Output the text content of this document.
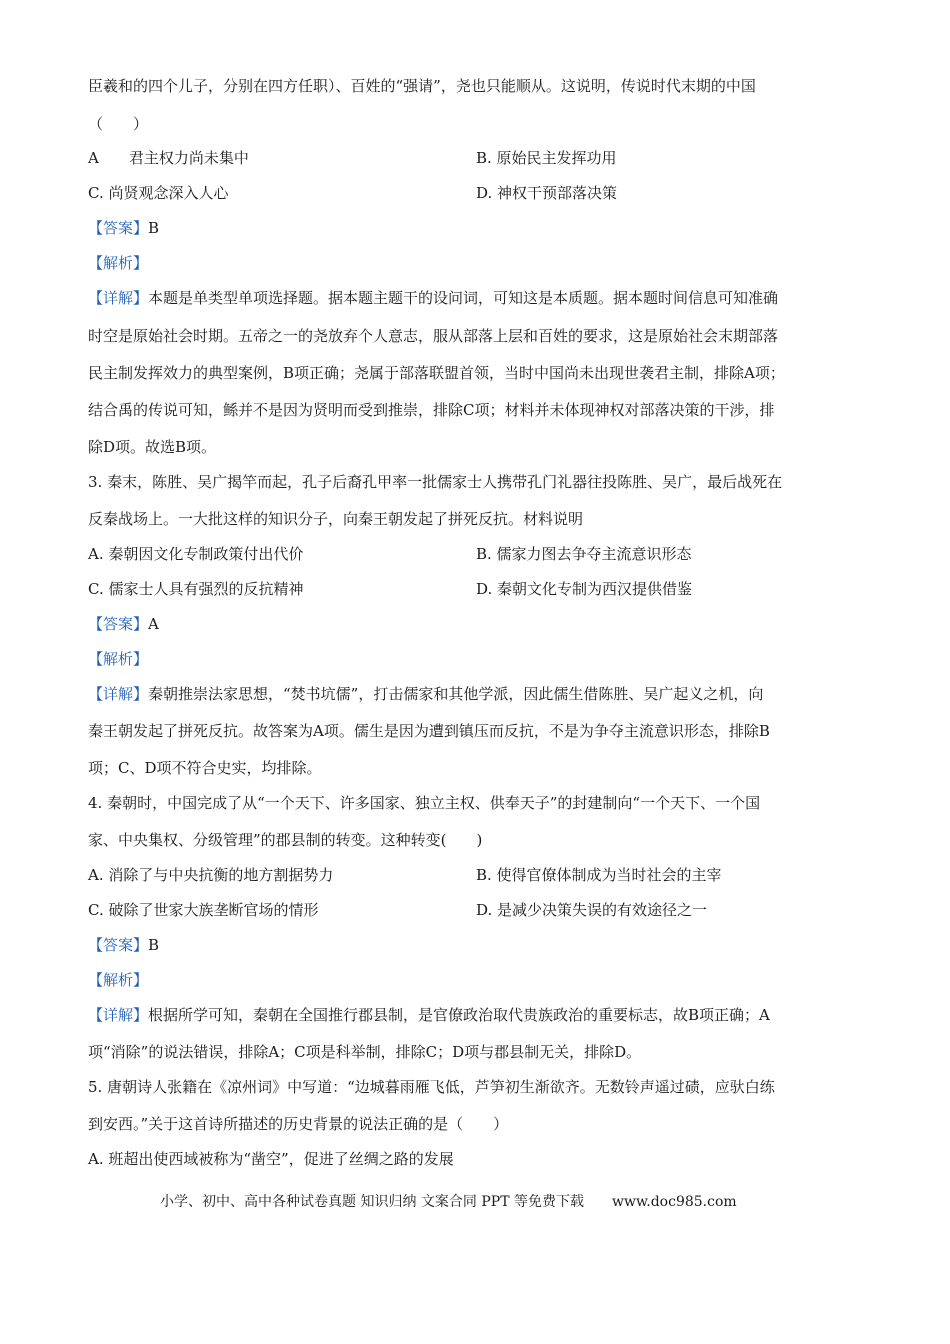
臣羲和的四个儿子，分别在四方任职）、百姓的“强请”，尧也只能顺从。这说明，传说时代末期的中国
（　　）
A　　君主权力尚未集中	B. 原始民主发挥功用
C. 尚贤观念深入人心	D. 神权干预部落决策
【答案】B
【解析】
【详解】本题是单类型单项选择题。据本题主题干的设问词，可知这是本质题。据本题时间信息可知准确
时空是原始社会时期。五帝之一的尧放弃个人意志，服从部落上层和百姓的要求，这是原始社会末期部落
民主制发挥效力的典型案例，B项正确；尧属于部落联盟首领，当时中国尚未出现世袭君主制，排除A项；
结合禹的传说可知，鲧并不是因为贤明而受到推崇，排除C项；材料并未体现神权对部落决策的干涉，排
除D项。故选B项。
3. 秦末，陈胜、吴广揭竿而起，孔子后裔孔甲率一批儒家士人携带孔门礼器往投陈胜、吴广，最后战死在
反秦战场上。一大批这样的知识分子，向秦王朝发起了拼死反抗。材料说明
A. 秦朝因文化专制政策付出代价	B. 儒家力图去争夺主流意识形态
C. 儒家士人具有强烈的反抗精神	D. 秦朝文化专制为西汉提供借鉴
【答案】A
【解析】
【详解】秦朝推崇法家思想，“焚书坑儒”，打击儒家和其他学派，因此儒生借陈胜、吴广起义之机，向
秦王朝发起了拼死反抗。故答案为A项。儒生是因为遭到镇压而反抗，不是为争夺主流意识形态，排除B
项；C、D项不符合史实，均排除。
4. 秦朝时，中国完成了从“一个天下、许多国家、独立主权、供奉天子”的封建制向“一个天下、一个国
家、中央集权、分级管理”的郡县制的转变。这种转变(　　)
A. 消除了与中央抗衡的地方割据势力	B. 使得官僚体制成为当时社会的主宰
C. 破除了世家大族垄断官场的情形	D. 是减少决策失误的有效途径之一
【答案】B
【解析】
【详解】根据所学可知，秦朝在全国推行郡县制，是官僚政治取代贵族政治的重要标志，故B项正确；A
项“消除”的说法错误，排除A；C项是科举制，排除C；D项与郡县制无关，排除D。
5. 唐朝诗人张籍在《凉州词》中写道：“边城暮雨雁飞低，芦笋初生渐欲齐。无数铃声遥过碛，应驮白练
到安西。”关于这首诗所描述的历史背景的说法正确的是（　　）
A. 班超出使西域被称为“凿空”，促进了丝绸之路的发展
小学、初中、高中各种试卷真题 知识归纳 文案合同 PPT 等免费下载 www.doc985.com
